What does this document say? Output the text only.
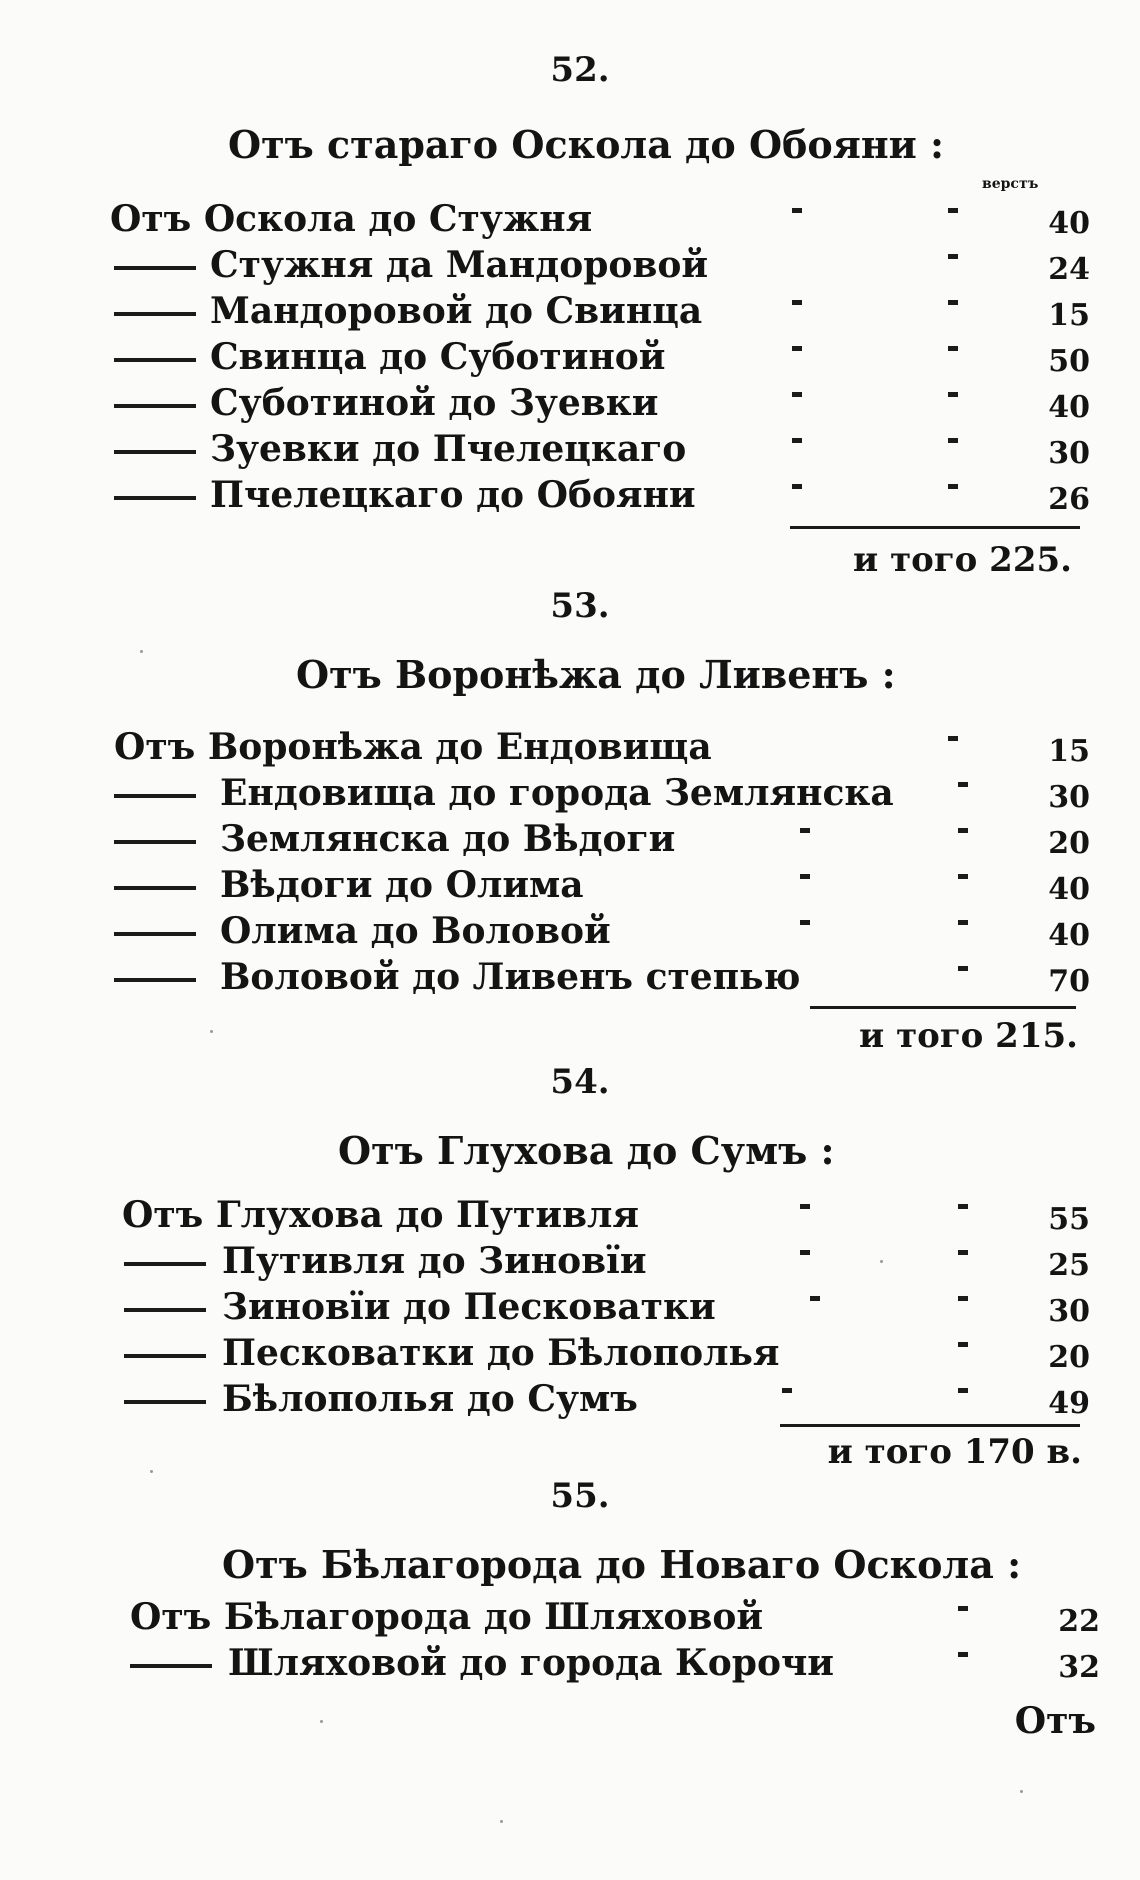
52.
Отъ стараго Оскола до Обояни :
верстъ
Отъ Оскола до Стужня	40
Стужня да Мандоровой	24
Мандоровой до Свинца	15
Свинца до Суботиной	50
Суботиной до Зуевки	40
Зуевки до Пчелецкаго	30
Пчелецкаго до Обояни	26
и того 225.
53.
Отъ Воронѣжа до Ливенъ :
Отъ Воронѣжа до Ендовища	15
Ендовища до города Землянска	30
Землянска до Вѣдоги	20
Вѣдоги до Олима	40
Олима до Воловой	40
Воловой до Ливенъ степью	70
и того 215.
54.
Отъ Глухова до Сумъ :
Отъ Глухова до Путивля	55
Путивля до Зиновїи	25
Зиновїи до Песковатки	30
Песковатки до Бѣлополья	20
Бѣлополья до Сумъ	49
и того 170 в.
55.
Отъ Бѣлагорода до Новаго Оскола :
Отъ Бѣлагорода до Шляховой	22
Шляховой до города Корочи	32
Отъ
